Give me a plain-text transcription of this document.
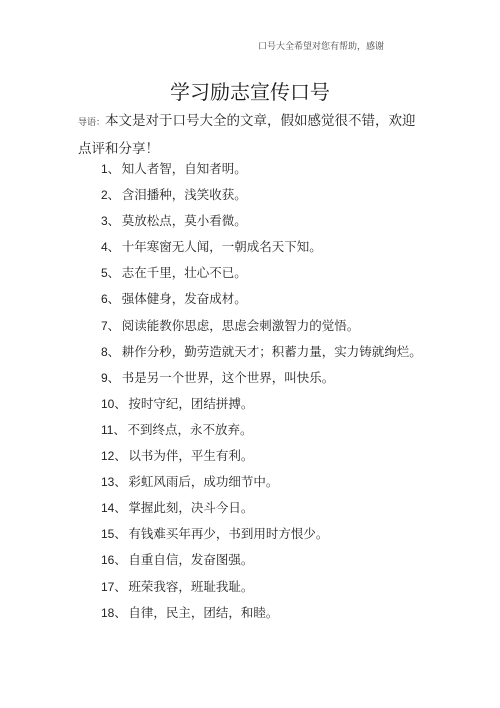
口号大全希望对您有帮助，感谢
学习励志宣传口号
导语：本文是对于口号大全的文章，假如感觉很不错，欢迎点评和分享！
1、 知人者智，自知者明。
2、 含泪播种，浅笑收获。
3、 莫放松点，莫小看微。
4、 十年寒窗无人闻，一朝成名天下知。
5、 志在千里，壮心不已。
6、 强体健身，发奋成材。
7、 阅读能教你思虑，思虑会刺激智力的觉悟。
8、 耕作分秒，勤劳造就天才；积蓄力量，实力铸就绚烂。
9、 书是另一个世界，这个世界，叫快乐。
10、 按时守纪，团结拼搏。
11、 不到终点，永不放弃。
12、 以书为伴，平生有利。
13、 彩虹风雨后，成功细节中。
14、 掌握此刻，决斗今日。
15、 有钱难买年再少，书到用时方恨少。
16、 自重自信，发奋图强。
17、 班荣我容，班耻我耻。
18、 自律，民主，团结，和睦。
